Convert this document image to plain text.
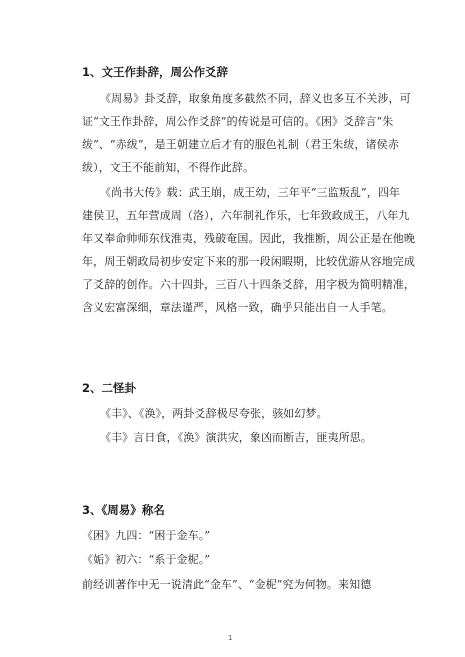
1、文王作卦辞，周公作爻辞
《周易》卦爻辞，取象角度多截然不同，辞义也多互不关涉，可
证“文王作卦辞，周公作爻辞”的传说是可信的。《困》爻辞言“朱
绂”、“赤绂”，是王朝建立后才有的服色礼制（君王朱绂，诸侯赤
绂），文王不能前知，不得作此辞。
《尚书大传》载：武王崩，成王幼，三年平“三监叛乱”，四年
建侯卫，五年营成周（洛），六年制礼作乐，七年致政成王，八年九
年又奉命帅师东伐淮夷，残破奄国。因此，我推断，周公正是在他晚
年，周王朝政局初步安定下来的那一段闲暇期，比较优游从容地完成
了爻辞的创作。六十四卦，三百八十四条爻辞，用字极为简明精准，
含义宏富深细，章法谨严，风格一致，确乎只能出自一人手笔。
2、二怪卦
《丰》、《涣》，两卦爻辞极尽夸张，骇如幻梦。
《丰》言日食，《涣》演洪灾，象凶而断吉，匪夷所思。
3、《周易》称名
《困》九四：“困于金车。”
《姤》初六：“系于金柅。”
前经训著作中无一说清此“金车”、“金柅”究为何物。来知德
1
